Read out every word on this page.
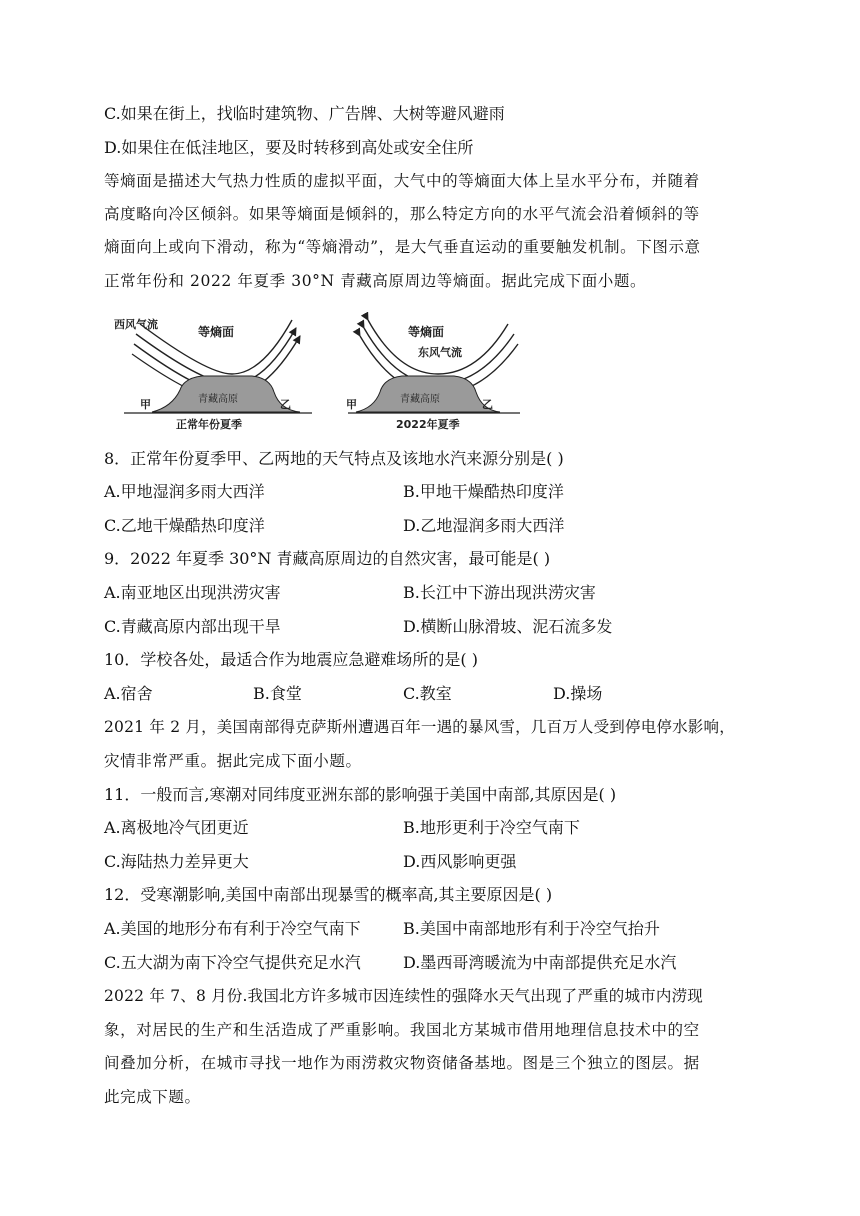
C.如果在街上，找临时建筑物、广告牌、大树等避风避雨
D.如果住在低洼地区，要及时转移到高处或安全住所
等熵面是描述大气热力性质的虚拟平面，大气中的等熵面大体上呈水平分布，并随着
高度略向冷区倾斜。如果等熵面是倾斜的，那么特定方向的水平气流会沿着倾斜的等
熵面向上或向下滑动，称为“等熵滑动”，是大气垂直运动的重要触发机制。下图示意
正常年份和 2022 年夏季 30°N 青藏高原周边等熵面。据此完成下面小题。
西风气流
等熵面
青藏高原
甲	乙
正常年份夏季
等熵面
东风气流
青藏高原
甲	乙
2022年夏季
8．正常年份夏季甲、乙两地的天气特点及该地水汽来源分别是( )
A.甲地湿润多雨大西洋	B.甲地干燥酷热印度洋
C.乙地干燥酷热印度洋	D.乙地湿润多雨大西洋
9．2022 年夏季 30°N 青藏高原周边的自然灾害，最可能是( )
A.南亚地区出现洪涝灾害	B.长江中下游出现洪涝灾害
C.青藏高原内部出现干旱	D.横断山脉滑坡、泥石流多发
10．学校各处，最适合作为地震应急避难场所的是( )
A.宿舍	B.食堂	C.教室	D.操场
2021 年 2 月，美国南部得克萨斯州遭遇百年一遇的暴风雪，几百万人受到停电停水影响，
灾情非常严重。据此完成下面小题。
11．一般而言,寒潮对同纬度亚洲东部的影响强于美国中南部,其原因是( )
A.离极地冷气团更近	B.地形更利于冷空气南下
C.海陆热力差异更大	D.西风影响更强
12．受寒潮影响,美国中南部出现暴雪的概率高,其主要原因是( )
A.美国的地形分布有利于冷空气南下	B.美国中南部地形有利于冷空气抬升
C.五大湖为南下冷空气提供充足水汽	D.墨西哥湾暖流为中南部提供充足水汽
2022 年 7、8 月份.我国北方许多城市因连续性的强降水天气出现了严重的城市内涝现
象，对居民的生产和生活造成了严重影响。我国北方某城市借用地理信息技术中的空
间叠加分析，在城市寻找一地作为雨涝救灾物资储备基地。图是三个独立的图层。据
此完成下题。
